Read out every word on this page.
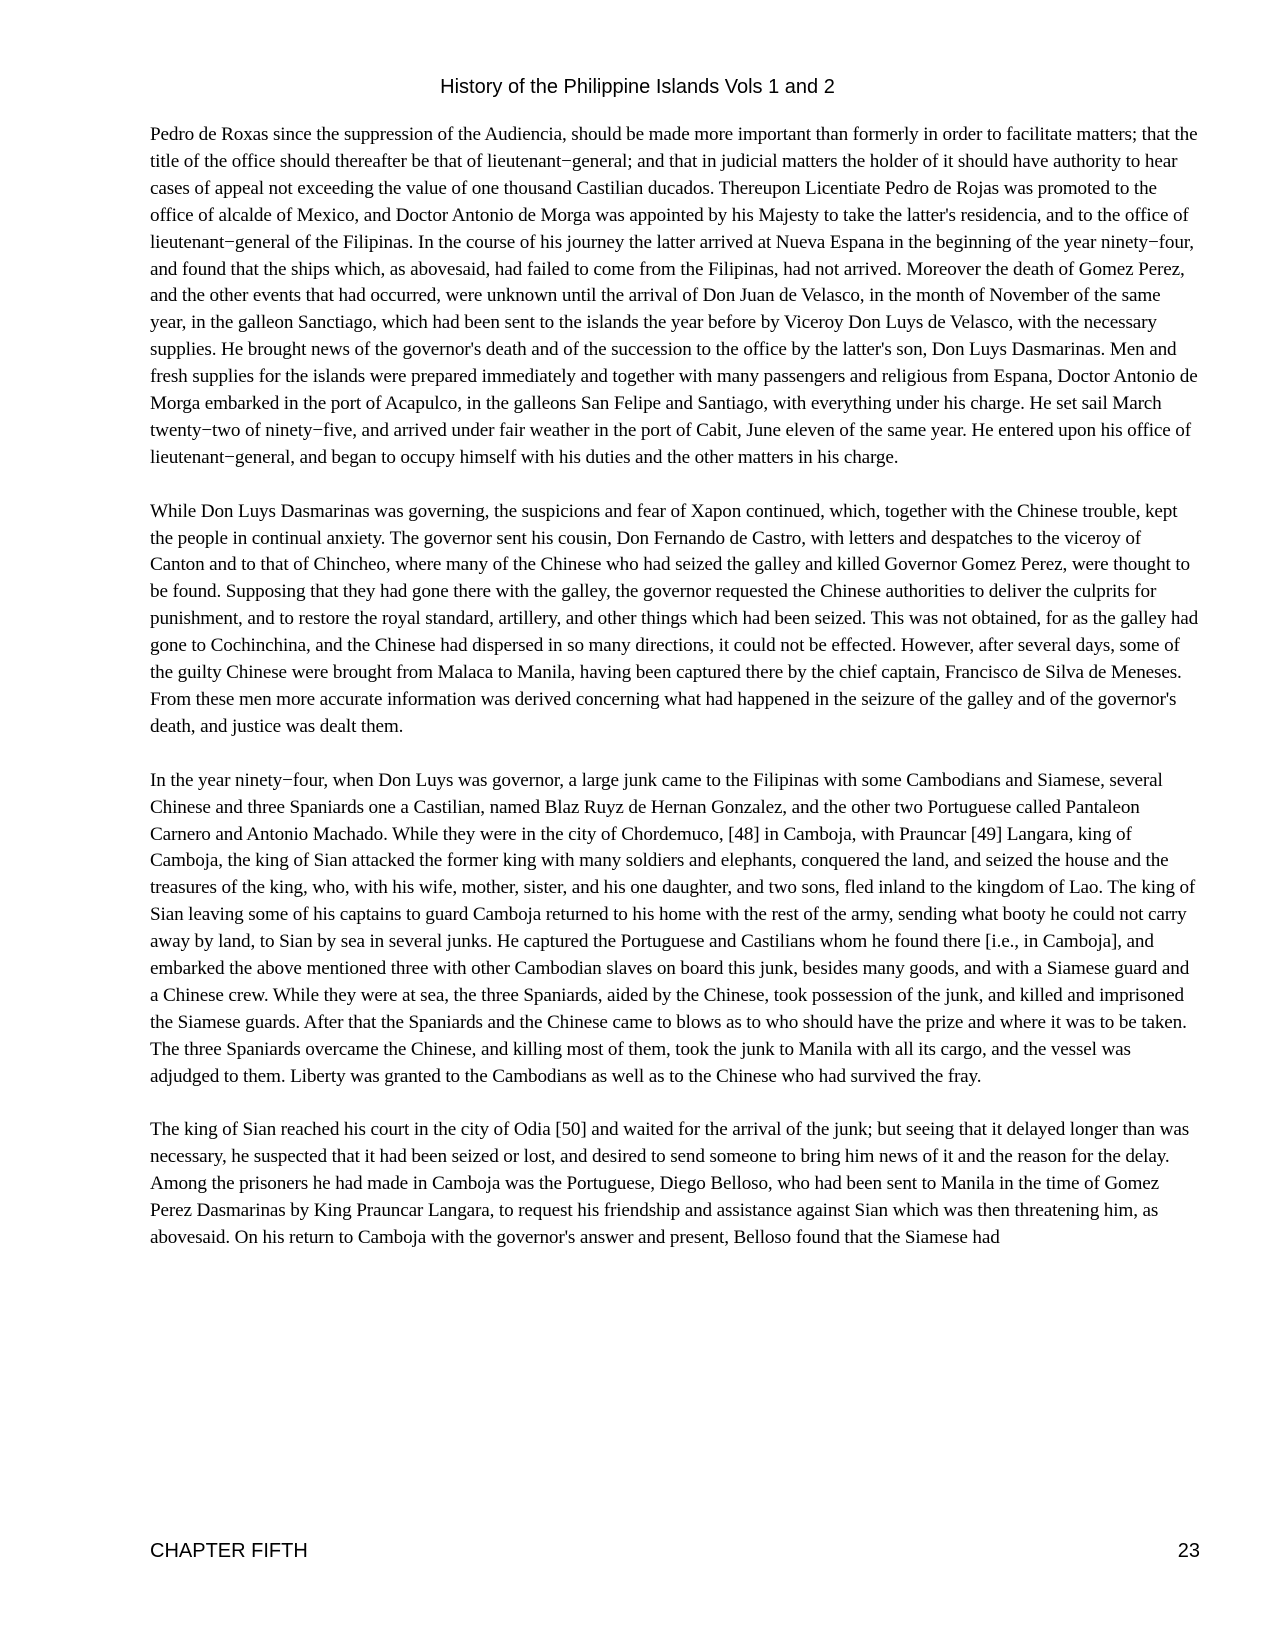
History of the Philippine Islands Vols 1 and 2

Pedro de Roxas since the suppression of the Audiencia, should be made more important than formerly in order to facilitate matters; that the title of the office should thereafter be that of lieutenant−general; and that in judicial matters the holder of it should have authority to hear cases of appeal not exceeding the value of one thousand Castilian ducados. Thereupon Licentiate Pedro de Rojas was promoted to the office of alcalde of Mexico, and Doctor Antonio de Morga was appointed by his Majesty to take the latter's residencia, and to the office of lieutenant−general of the Filipinas. In the course of his journey the latter arrived at Nueva Espana in the beginning of the year ninety−four, and found that the ships which, as abovesaid, had failed to come from the Filipinas, had not arrived. Moreover the death of Gomez Perez, and the other events that had occurred, were unknown until the arrival of Don Juan de Velasco, in the month of November of the same year, in the galleon Sanctiago, which had been sent to the islands the year before by Viceroy Don Luys de Velasco, with the necessary supplies. He brought news of the governor's death and of the succession to the office by the latter's son, Don Luys Dasmarinas. Men and fresh supplies for the islands were prepared immediately and together with many passengers and religious from Espana, Doctor Antonio de Morga embarked in the port of Acapulco, in the galleons San Felipe and Santiago, with everything under his charge. He set sail March twenty−two of ninety−five, and arrived under fair weather in the port of Cabit, June eleven of the same year. He entered upon his office of lieutenant−general, and began to occupy himself with his duties and the other matters in his charge.

While Don Luys Dasmarinas was governing, the suspicions and fear of Xapon continued, which, together with the Chinese trouble, kept the people in continual anxiety. The governor sent his cousin, Don Fernando de Castro, with letters and despatches to the viceroy of Canton and to that of Chincheo, where many of the Chinese who had seized the galley and killed Governor Gomez Perez, were thought to be found. Supposing that they had gone there with the galley, the governor requested the Chinese authorities to deliver the culprits for punishment, and to restore the royal standard, artillery, and other things which had been seized. This was not obtained, for as the galley had gone to Cochinchina, and the Chinese had dispersed in so many directions, it could not be effected. However, after several days, some of the guilty Chinese were brought from Malaca to Manila, having been captured there by the chief captain, Francisco de Silva de Meneses. From these men more accurate information was derived concerning what had happened in the seizure of the galley and of the governor's death, and justice was dealt them.

In the year ninety−four, when Don Luys was governor, a large junk came to the Filipinas with some Cambodians and Siamese, several Chinese and three Spaniards one a Castilian, named Blaz Ruyz de Hernan Gonzalez, and the other two Portuguese called Pantaleon Carnero and Antonio Machado. While they were in the city of Chordemuco, [48] in Camboja, with Prauncar [49] Langara, king of Camboja, the king of Sian attacked the former king with many soldiers and elephants, conquered the land, and seized the house and the treasures of the king, who, with his wife, mother, sister, and his one daughter, and two sons, fled inland to the kingdom of Lao. The king of Sian leaving some of his captains to guard Camboja returned to his home with the rest of the army, sending what booty he could not carry away by land, to Sian by sea in several junks. He captured the Portuguese and Castilians whom he found there [i.e., in Camboja], and embarked the above mentioned three with other Cambodian slaves on board this junk, besides many goods, and with a Siamese guard and a Chinese crew. While they were at sea, the three Spaniards, aided by the Chinese, took possession of the junk, and killed and imprisoned the Siamese guards. After that the Spaniards and the Chinese came to blows as to who should have the prize and where it was to be taken. The three Spaniards overcame the Chinese, and killing most of them, took the junk to Manila with all its cargo, and the vessel was adjudged to them. Liberty was granted to the Cambodians as well as to the Chinese who had survived the fray.

The king of Sian reached his court in the city of Odia [50] and waited for the arrival of the junk; but seeing that it delayed longer than was necessary, he suspected that it had been seized or lost, and desired to send someone to bring him news of it and the reason for the delay. Among the prisoners he had made in Camboja was the Portuguese, Diego Belloso, who had been sent to Manila in the time of Gomez Perez Dasmarinas by King Prauncar Langara, to request his friendship and assistance against Sian which was then threatening him, as abovesaid. On his return to Camboja with the governor's answer and present, Belloso found that the Siamese had

CHAPTER FIFTH	23
